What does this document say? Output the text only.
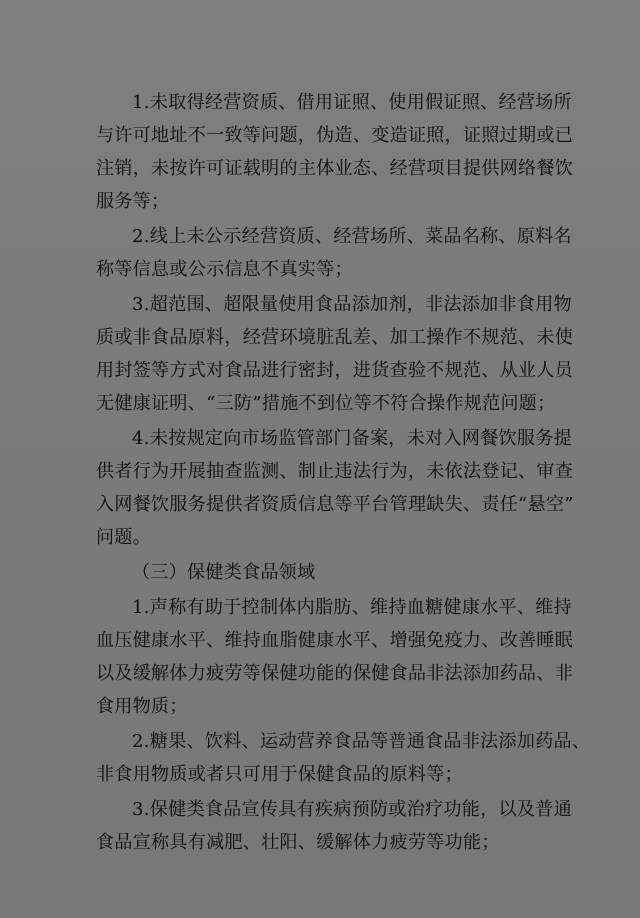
1.未取得经营资质、借用证照、使用假证照、经营场所
与许可地址不一致等问题，伪造、变造证照，证照过期或已
注销，未按许可证载明的主体业态、经营项目提供网络餐饮
服务等；
2.线上未公示经营资质、经营场所、菜品名称、原料名
称等信息或公示信息不真实等；
3.超范围、超限量使用食品添加剂，非法添加非食用物
质或非食品原料，经营环境脏乱差、加工操作不规范、未使
用封签等方式对食品进行密封，进货查验不规范、从业人员
无健康证明、“三防”措施不到位等不符合操作规范问题；
4.未按规定向市场监管部门备案，未对入网餐饮服务提
供者行为开展抽查监测、制止违法行为，未依法登记、审查
入网餐饮服务提供者资质信息等平台管理缺失、责任“悬空”
问题。
（三）保健类食品领域
1.声称有助于控制体内脂肪、维持血糖健康水平、维持
血压健康水平、维持血脂健康水平、增强免疫力、改善睡眠
以及缓解体力疲劳等保健功能的保健食品非法添加药品、非
食用物质；
2.糖果、饮料、运动营养食品等普通食品非法添加药品、
非食用物质或者只可用于保健食品的原料等；
3.保健类食品宣传具有疾病预防或治疗功能，以及普通
食品宣称具有减肥、壮阳、缓解体力疲劳等功能；
